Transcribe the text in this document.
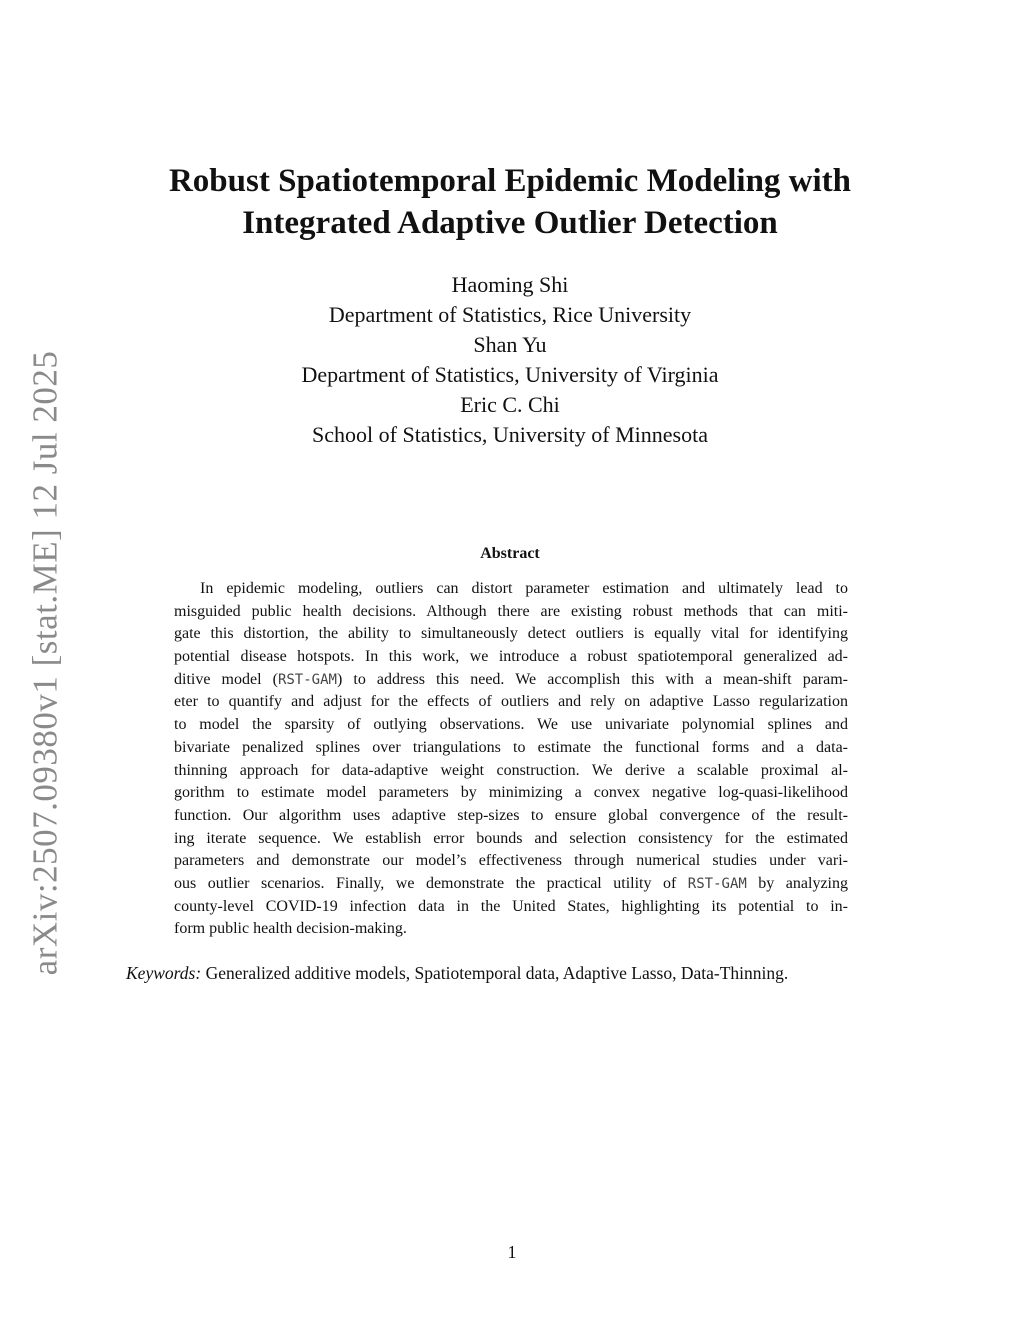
arXiv:2507.09380v1 [stat.ME] 12 Jul 2025
Robust Spatiotemporal Epidemic Modeling with
Integrated Adaptive Outlier Detection
Haoming Shi
Department of Statistics, Rice University
Shan Yu
Department of Statistics, University of Virginia
Eric C. Chi
School of Statistics, University of Minnesota
Abstract
In epidemic modeling, outliers can distort parameter estimation and ultimately lead to
misguided public health decisions. Although there are existing robust methods that can miti-
gate this distortion, the ability to simultaneously detect outliers is equally vital for identifying
potential disease hotspots. In this work, we introduce a robust spatiotemporal generalized ad-
ditive model (RST-GAM) to address this need. We accomplish this with a mean-shift param-
eter to quantify and adjust for the effects of outliers and rely on adaptive Lasso regularization
to model the sparsity of outlying observations. We use univariate polynomial splines and
bivariate penalized splines over triangulations to estimate the functional forms and a data-
thinning approach for data-adaptive weight construction. We derive a scalable proximal al-
gorithm to estimate model parameters by minimizing a convex negative log-quasi-likelihood
function. Our algorithm uses adaptive step-sizes to ensure global convergence of the result-
ing iterate sequence. We establish error bounds and selection consistency for the estimated
parameters and demonstrate our model’s effectiveness through numerical studies under vari-
ous outlier scenarios. Finally, we demonstrate the practical utility of RST-GAM by analyzing
county-level COVID-19 infection data in the United States, highlighting its potential to in-
form public health decision-making.
Keywords: Generalized additive models, Spatiotemporal data, Adaptive Lasso, Data-Thinning.
1
